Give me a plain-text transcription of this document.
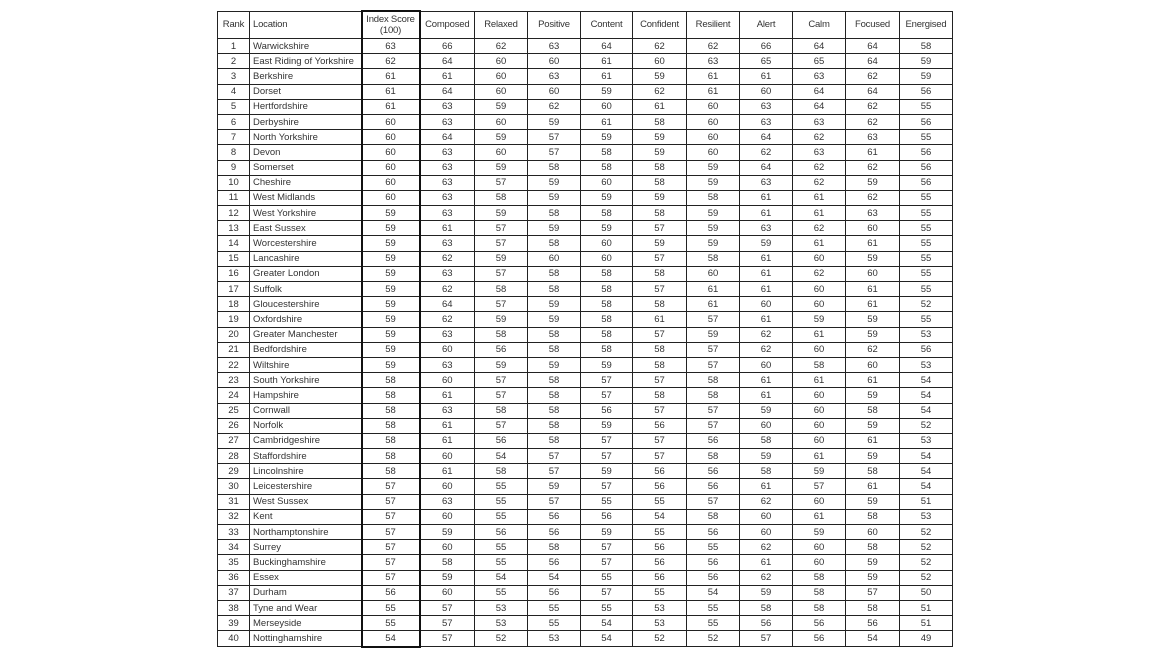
Rank	Location	Index Score (100)	Composed	Relaxed	Positive	Content	Confident	Resilient	Alert	Calm	Focused	Energised
1	Warwickshire	63	66	62	63	64	62	62	66	64	64	58
2	East Riding of Yorkshire	62	64	60	60	61	60	63	65	65	64	59
3	Berkshire	61	61	60	63	61	59	61	61	63	62	59
4	Dorset	61	64	60	60	59	62	61	60	64	64	56
5	Hertfordshire	61	63	59	62	60	61	60	63	64	62	55
6	Derbyshire	60	63	60	59	61	58	60	63	63	62	56
7	North Yorkshire	60	64	59	57	59	59	60	64	62	63	55
8	Devon	60	63	60	57	58	59	60	62	63	61	56
9	Somerset	60	63	59	58	58	58	59	64	62	62	56
10	Cheshire	60	63	57	59	60	58	59	63	62	59	56
11	West Midlands	60	63	58	59	59	59	58	61	61	62	55
12	West Yorkshire	59	63	59	58	58	58	59	61	61	63	55
13	East Sussex	59	61	57	59	59	57	59	63	62	60	55
14	Worcestershire	59	63	57	58	60	59	59	59	61	61	55
15	Lancashire	59	62	59	60	60	57	58	61	60	59	55
16	Greater London	59	63	57	58	58	58	60	61	62	60	55
17	Suffolk	59	62	58	58	58	57	61	61	60	61	55
18	Gloucestershire	59	64	57	59	58	58	61	60	60	61	52
19	Oxfordshire	59	62	59	59	58	61	57	61	59	59	55
20	Greater Manchester	59	63	58	58	58	57	59	62	61	59	53
21	Bedfordshire	59	60	56	58	58	58	57	62	60	62	56
22	Wiltshire	59	63	59	59	59	58	57	60	58	60	53
23	South Yorkshire	58	60	57	58	57	57	58	61	61	61	54
24	Hampshire	58	61	57	58	57	58	58	61	60	59	54
25	Cornwall	58	63	58	58	56	57	57	59	60	58	54
26	Norfolk	58	61	57	58	59	56	57	60	60	59	52
27	Cambridgeshire	58	61	56	58	57	57	56	58	60	61	53
28	Staffordshire	58	60	54	57	57	57	58	59	61	59	54
29	Lincolnshire	58	61	58	57	59	56	56	58	59	58	54
30	Leicestershire	57	60	55	59	57	56	56	61	57	61	54
31	West Sussex	57	63	55	57	55	55	57	62	60	59	51
32	Kent	57	60	55	56	56	54	58	60	61	58	53
33	Northamptonshire	57	59	56	56	59	55	56	60	59	60	52
34	Surrey	57	60	55	58	57	56	55	62	60	58	52
35	Buckinghamshire	57	58	55	56	57	56	56	61	60	59	52
36	Essex	57	59	54	54	55	56	56	62	58	59	52
37	Durham	56	60	55	56	57	55	54	59	58	57	50
38	Tyne and Wear	55	57	53	55	55	53	55	58	58	58	51
39	Merseyside	55	57	53	55	54	53	55	56	56	56	51
40	Nottinghamshire	54	57	52	53	54	52	52	57	56	54	49
